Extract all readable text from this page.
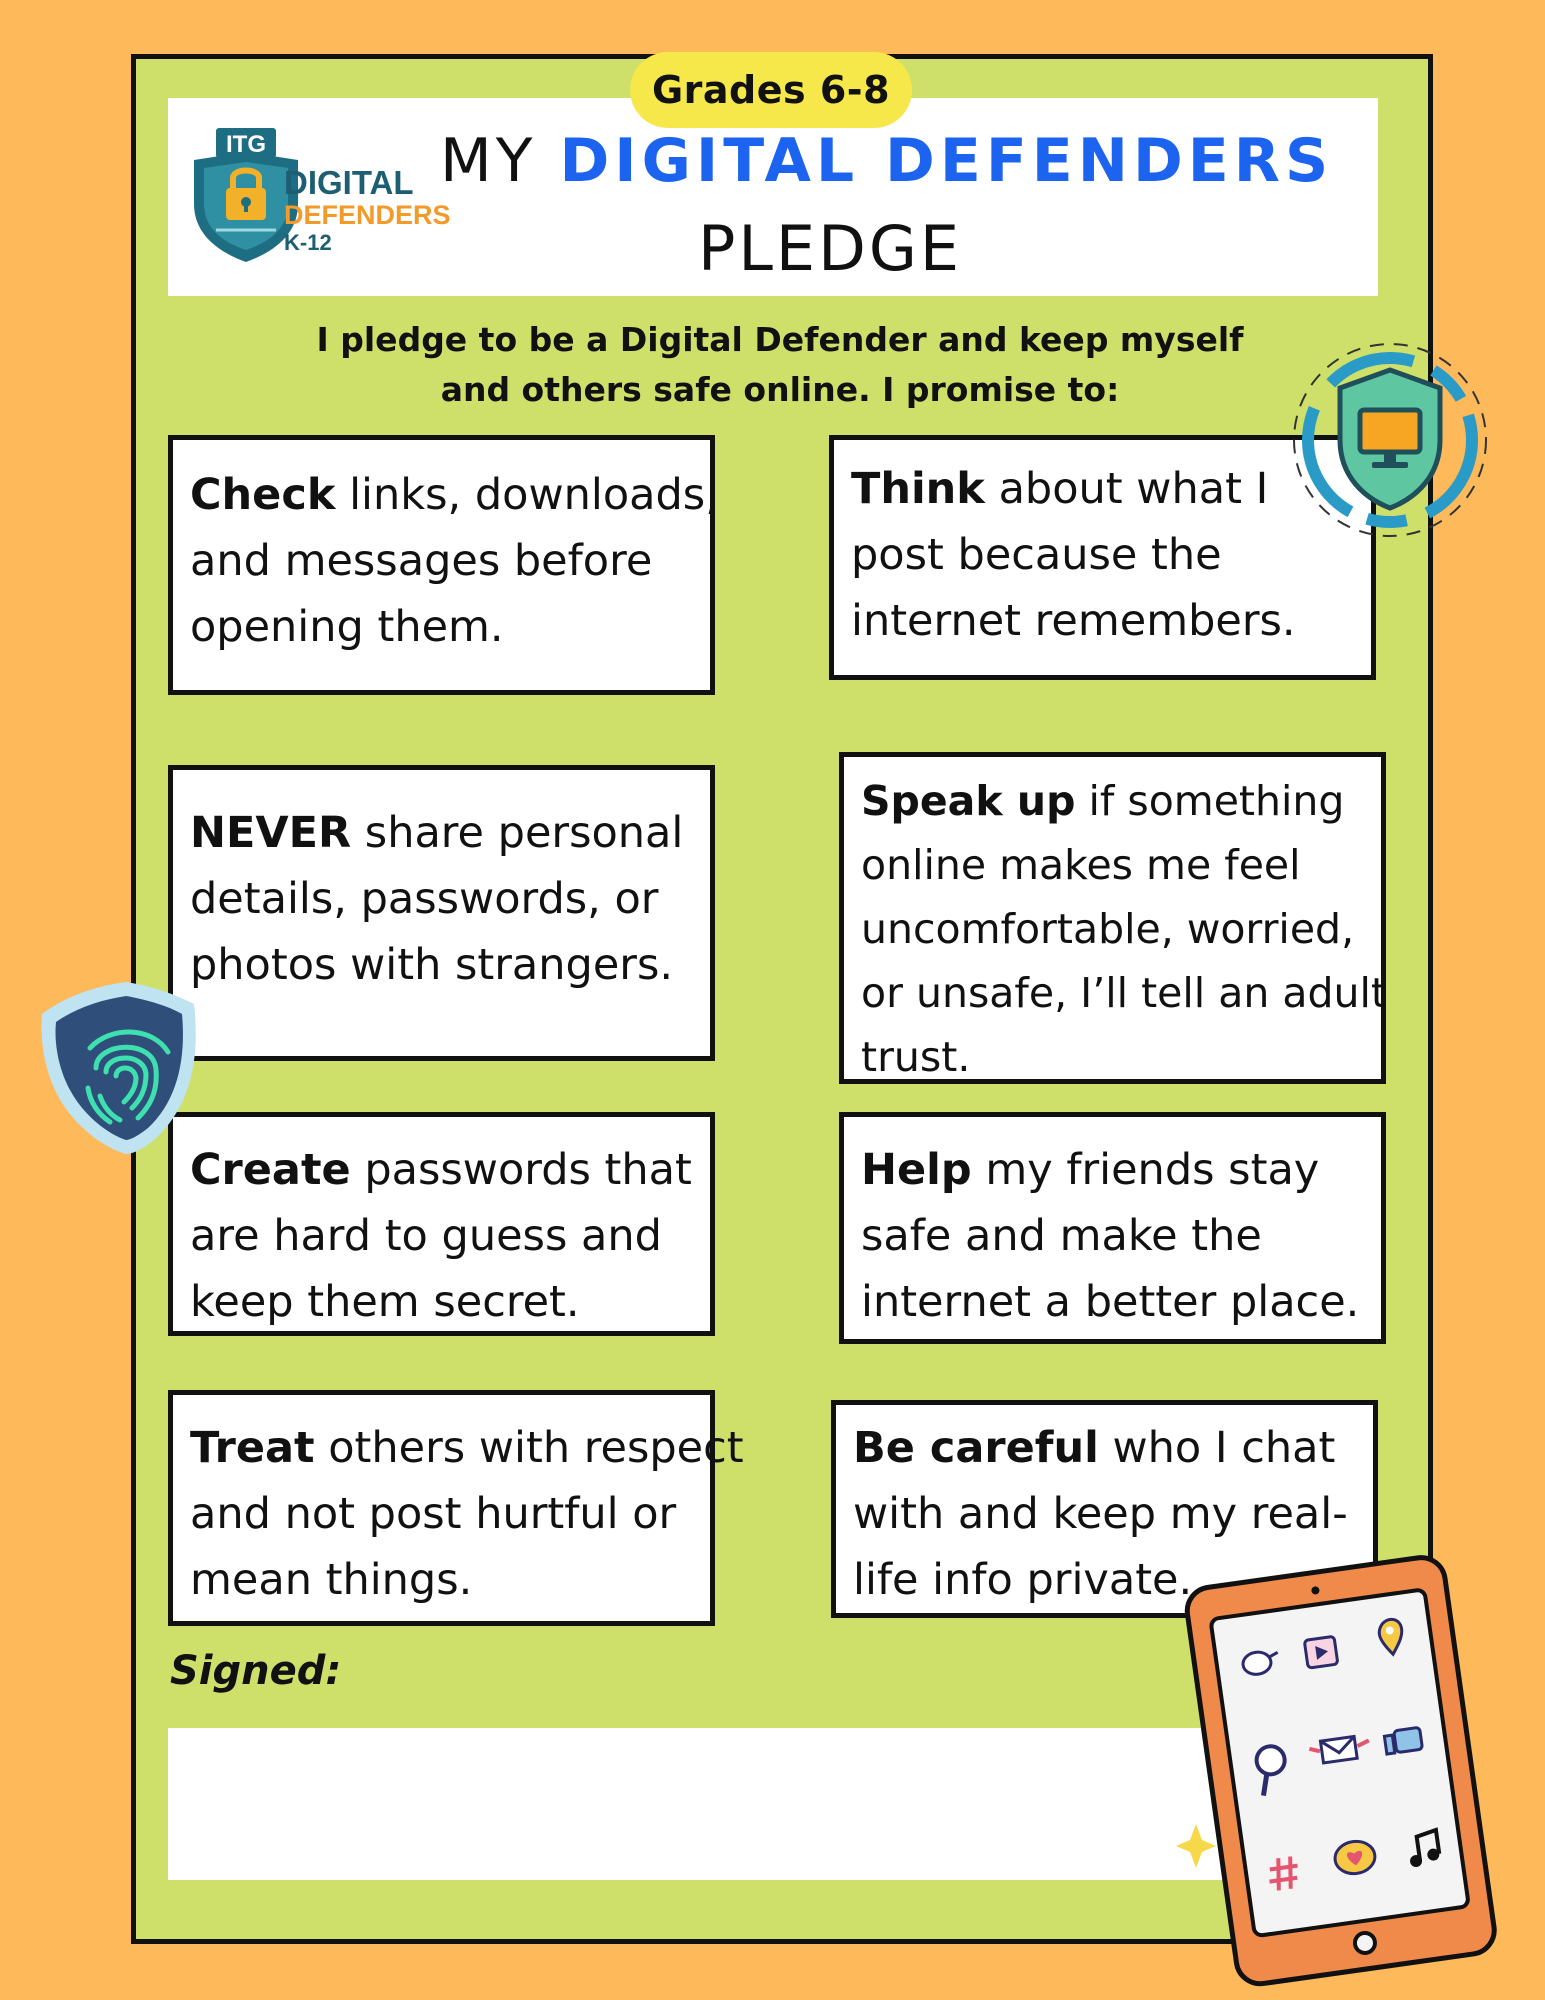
ITG
DIGITAL
DEFENDERS
K-12
Grades 6-8
MY DIGITAL DEFENDERS
PLEDGE
I pledge to be a Digital Defender and keep myself
and others safe online. I promise to:
Check links, downloads,
and messages before
opening them.
Think about what I
post because the
internet remembers.
NEVER share personal
details, passwords, or
photos with strangers.
Speak up if something
online makes me feel
uncomfortable, worried,
or unsafe, I’ll tell an adult
trust.
Create passwords that
are hard to guess and
keep them secret.
Help my friends stay
safe and make the
internet a better place.
Treat others with respect
and not post hurtful or
mean things.
Be careful who I chat
with and keep my real-
life info private.
Signed:
